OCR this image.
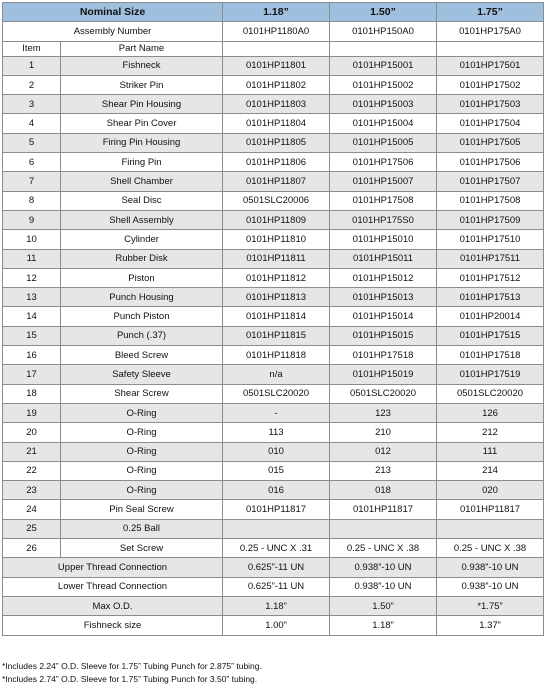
Nominal Size		1.18”	1.50”	1.75”
Assembly Number		0101HP1180A0	0101HP150A0	0101HP175A0
Item	Part Name			
1	Fishneck	0101HP11801	0101HP15001	0101HP17501
2	Striker Pin	0101HP11802	0101HP15002	0101HP17502
3	Shear Pin Housing	0101HP11803	0101HP15003	0101HP17503
4	Shear Pin Cover	0101HP11804	0101HP15004	0101HP17504
5	Firing Pin Housing	0101HP11805	0101HP15005	0101HP17505
6	Firing Pin	0101HP11806	0101HP17506	0101HP17506
7	Shell Chamber	0101HP11807	0101HP15007	0101HP17507
8	Seal Disc	0501SLC20006	0101HP17508	0101HP17508
9	Shell Assembly	0101HP11809	0101HP175S0	0101HP17509
10	Cylinder	0101HP11810	0101HP15010	0101HP17510
11	Rubber Disk	0101HP11811	0101HP15011	0101HP17511
12	Piston	0101HP11812	0101HP15012	0101HP17512
13	Punch Housing	0101HP11813	0101HP15013	0101HP17513
14	Punch Piston	0101HP11814	0101HP15014	0101HP20014
15	Punch (.37)	0101HP11815	0101HP15015	0101HP17515
16	Bleed Screw	0101HP11818	0101HP17518	0101HP17518
17	Safety Sleeve	n/a	0101HP15019	0101HP17519
18	Shear Screw	0501SLC20020	0501SLC20020	0501SLC20020
19	O-Ring	-	123	126
20	O-Ring	113	210	212
21	O-Ring	010	012	111
22	O-Ring	015	213	214
23	O-Ring	016	018	020
24	Pin Seal Screw	0101HP11817	0101HP11817	0101HP11817
25	0.25 Ball			
26	Set Screw	0.25 - UNC X .31	0.25 - UNC X .38	0.25 - UNC X .38
Upper Thread Connection		0.625”-11 UN	0.938”-10 UN	0.938”-10 UN
Lower Thread Connection		0.625”-11 UN	0.938”-10 UN	0.938”-10 UN
Max O.D.		1.18”	1.50”	*1.75”
Fishneck size		1.00”	1.18”	1.37”
*Includes 2.24” O.D. Sleeve for 1.75” Tubing Punch for 2.875” tubing.
*Includes 2.74” O.D. Sleeve for 1.75” Tubing Punch for 3.50” tubing.
